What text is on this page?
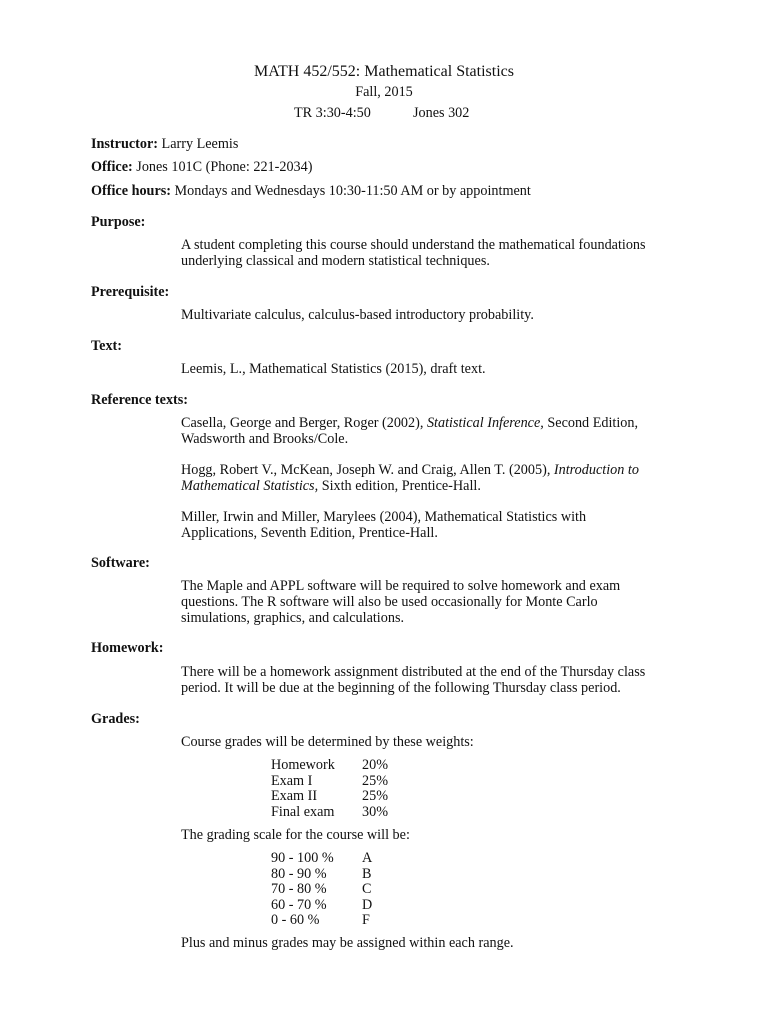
MATH 452/552: Mathematical Statistics
Fall, 2015
TR 3:30-4:50	Jones 302
Instructor: Larry Leemis
Office: Jones 101C (Phone: 221-2034)
Office hours: Mondays and Wednesdays 10:30-11:50 AM or by appointment
Purpose:
A student completing this course should understand the mathematical foundations
underlying classical and modern statistical techniques.
Prerequisite:
Multivariate calculus, calculus-based introductory probability.
Text:
Leemis, L., Mathematical Statistics (2015), draft text.
Reference texts:
Casella, George and Berger, Roger (2002), Statistical Inference, Second Edition,
Wadsworth and Brooks/Cole.
Hogg, Robert V., McKean, Joseph W. and Craig, Allen T. (2005), Introduction to
Mathematical Statistics, Sixth edition, Prentice-Hall.
Miller, Irwin and Miller, Marylees (2004), Mathematical Statistics with
Applications, Seventh Edition, Prentice-Hall.
Software:
The Maple and APPL software will be required to solve homework and exam
questions. The R software will also be used occasionally for Monte Carlo
simulations, graphics, and calculations.
Homework:
There will be a homework assignment distributed at the end of the Thursday class
period. It will be due at the beginning of the following Thursday class period.
Grades:
Course grades will be determined by these weights:
Homework 20%
Exam I	25%
Exam II	25%
Final exam 30%
The grading scale for the course will be:
90 - 100 % A
80 - 90 % B
70 - 80 % C
60 - 70 % D
0 - 60 %	F
Plus and minus grades may be assigned within each range.
